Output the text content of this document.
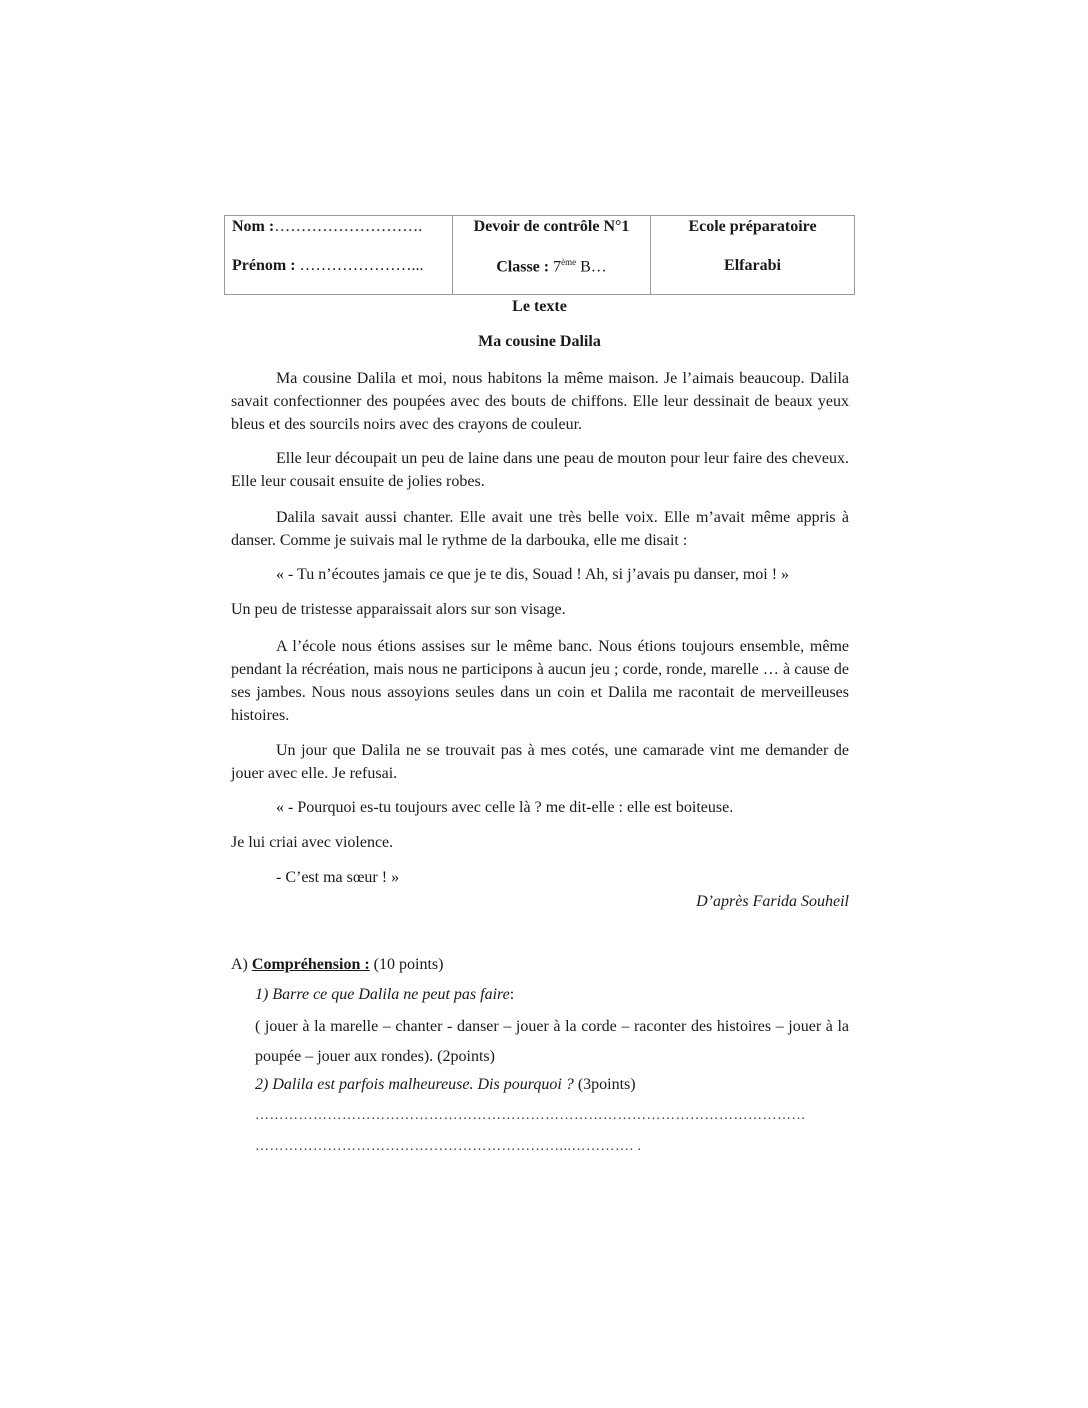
Nom :……………………….
Prénom : …………………...
Devoir de contrôle N°1
Classe : 7ème B…
Ecole préparatoire
Elfarabi
Le texte
Ma cousine Dalila
Ma cousine Dalila et moi, nous habitons la même maison. Je l’aimais beaucoup. Dalila savait confectionner des poupées avec des bouts de chiffons. Elle leur dessinait de beaux yeux bleus et des sourcils noirs avec des crayons de couleur.
Elle leur découpait un peu de laine dans une peau de mouton pour leur faire des cheveux. Elle leur cousait ensuite de jolies robes.
Dalila savait aussi chanter. Elle avait une très belle voix. Elle m’avait même appris à danser. Comme je suivais mal le rythme de la darbouka, elle me disait :
« - Tu n’écoutes jamais ce que je te dis, Souad ! Ah, si j’avais pu danser, moi ! »
Un peu de tristesse apparaissait alors sur son visage.
A l’école nous étions assises sur le même banc. Nous étions toujours ensemble, même pendant la récréation, mais nous ne participons à aucun jeu ; corde, ronde, marelle … à cause de ses jambes. Nous nous assoyions seules dans un coin et Dalila me racontait de merveilleuses histoires.
Un jour que Dalila ne se trouvait pas à mes cotés, une camarade vint me demander de jouer avec elle. Je refusai.
« - Pourquoi es-tu toujours avec celle là ? me dit-elle : elle est boiteuse.
Je lui criai avec violence.
- C’est ma sœur ! »
D’après Farida Souheil
A) Compréhension : (10 points)
1) Barre ce que Dalila ne peut pas faire:
( jouer à la marelle – chanter - danser – jouer à la corde – raconter des histoires – jouer à la poupée – jouer aux rondes). (2points)
2) Dalila est parfois malheureuse. Dis pourquoi ? (3points)
……………………………………………………………………………………………………
………………………………………………………...…………. .
